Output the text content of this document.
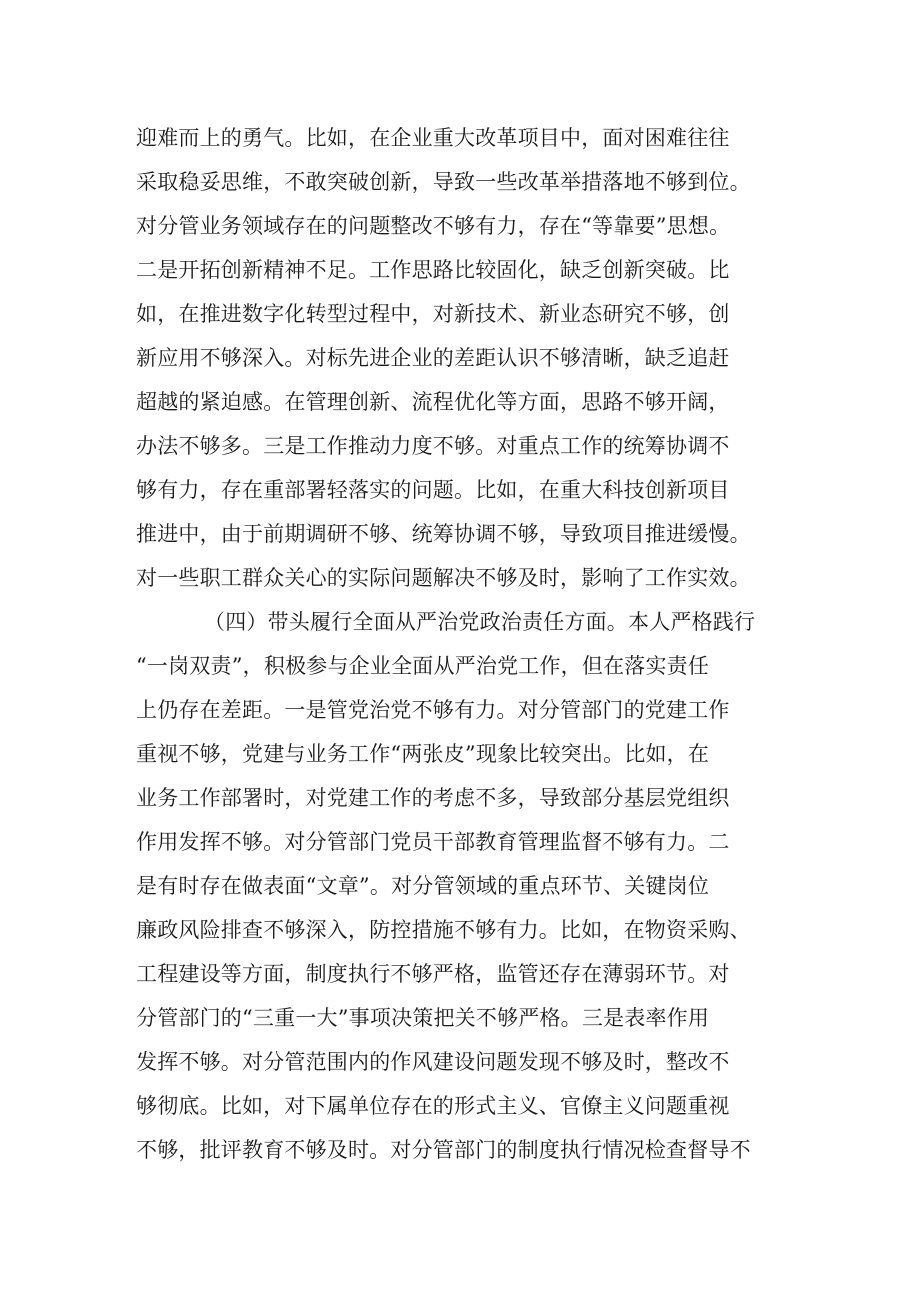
迎难而上的勇气。比如，在企业重大改革项目中，面对困难往往
采取稳妥思维，不敢突破创新，导致一些改革举措落地不够到位。
对分管业务领域存在的问题整改不够有力，存在“等靠要”思想。
二是开拓创新精神不足。工作思路比较固化，缺乏创新突破。比
如，在推进数字化转型过程中，对新技术、新业态研究不够，创
新应用不够深入。对标先进企业的差距认识不够清晰，缺乏追赶
超越的紧迫感。在管理创新、流程优化等方面，思路不够开阔，
办法不够多。三是工作推动力度不够。对重点工作的统筹协调不
够有力，存在重部署轻落实的问题。比如，在重大科技创新项目
推进中，由于前期调研不够、统筹协调不够，导致项目推进缓慢。
对一些职工群众关心的实际问题解决不够及时，影响了工作实效。
（四）带头履行全面从严治党政治责任方面。本人严格践行
“一岗双责”，积极参与企业全面从严治党工作，但在落实责任
上仍存在差距。一是管党治党不够有力。对分管部门的党建工作
重视不够，党建与业务工作“两张皮”现象比较突出。比如，在
业务工作部署时，对党建工作的考虑不多，导致部分基层党组织
作用发挥不够。对分管部门党员干部教育管理监督不够有力。二
是有时存在做表面“文章”。对分管领域的重点环节、关键岗位
廉政风险排查不够深入，防控措施不够有力。比如，在物资采购、
工程建设等方面，制度执行不够严格，监管还存在薄弱环节。对
分管部门的“三重一大”事项决策把关不够严格。三是表率作用
发挥不够。对分管范围内的作风建设问题发现不够及时，整改不
够彻底。比如，对下属单位存在的形式主义、官僚主义问题重视
不够，批评教育不够及时。对分管部门的制度执行情况检查督导不
